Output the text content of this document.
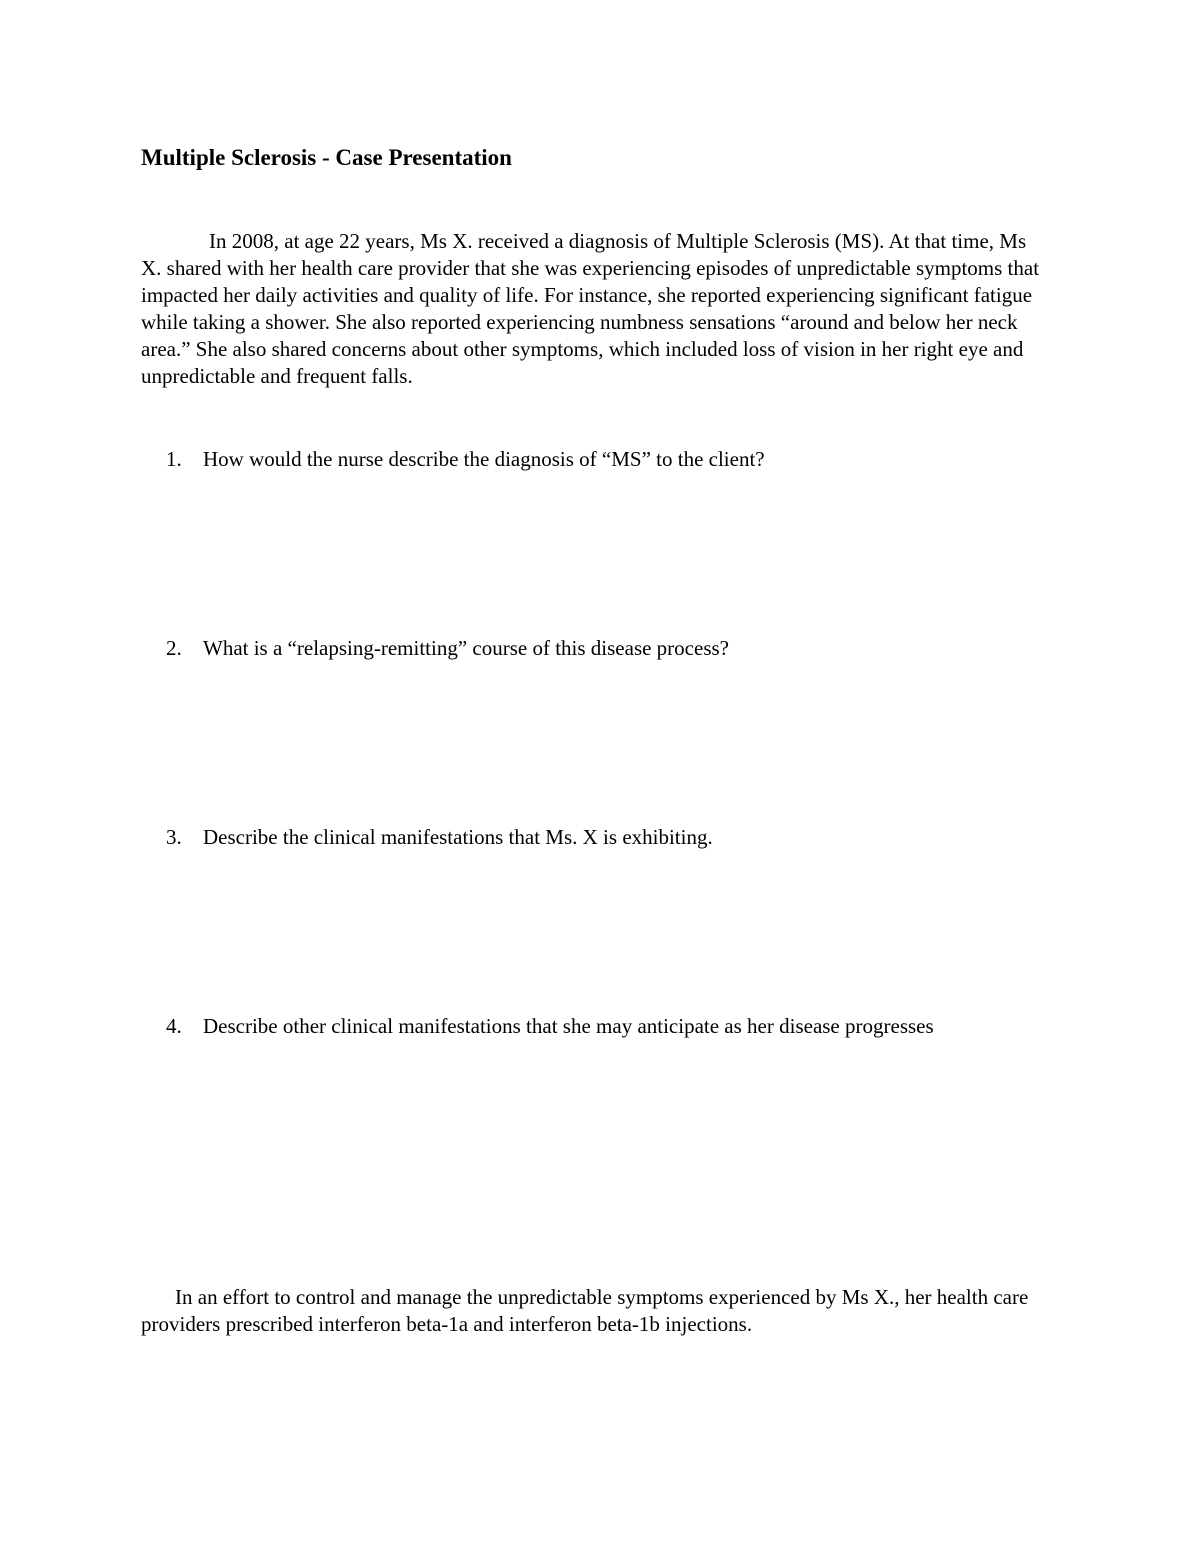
Multiple Sclerosis - Case Presentation

In 2008, at age 22 years, Ms X. received a diagnosis of Multiple Sclerosis (MS). At that time, Ms X. shared with her health care provider that she was experiencing episodes of unpredictable symptoms that impacted her daily activities and quality of life. For instance, she reported experiencing significant fatigue while taking a shower. She also reported experiencing numbness sensations “around and below her neck area.” She also shared concerns about other symptoms, which included loss of vision in her right eye and unpredictable and frequent falls.

1. How would the nurse describe the diagnosis of “MS” to the client?
2. What is a “relapsing-remitting” course of this disease process?
3. Describe the clinical manifestations that Ms. X is exhibiting.
4. Describe other clinical manifestations that she may anticipate as her disease progresses

In an effort to control and manage the unpredictable symptoms experienced by Ms X., her health care providers prescribed interferon beta-1a and interferon beta-1b injections.
